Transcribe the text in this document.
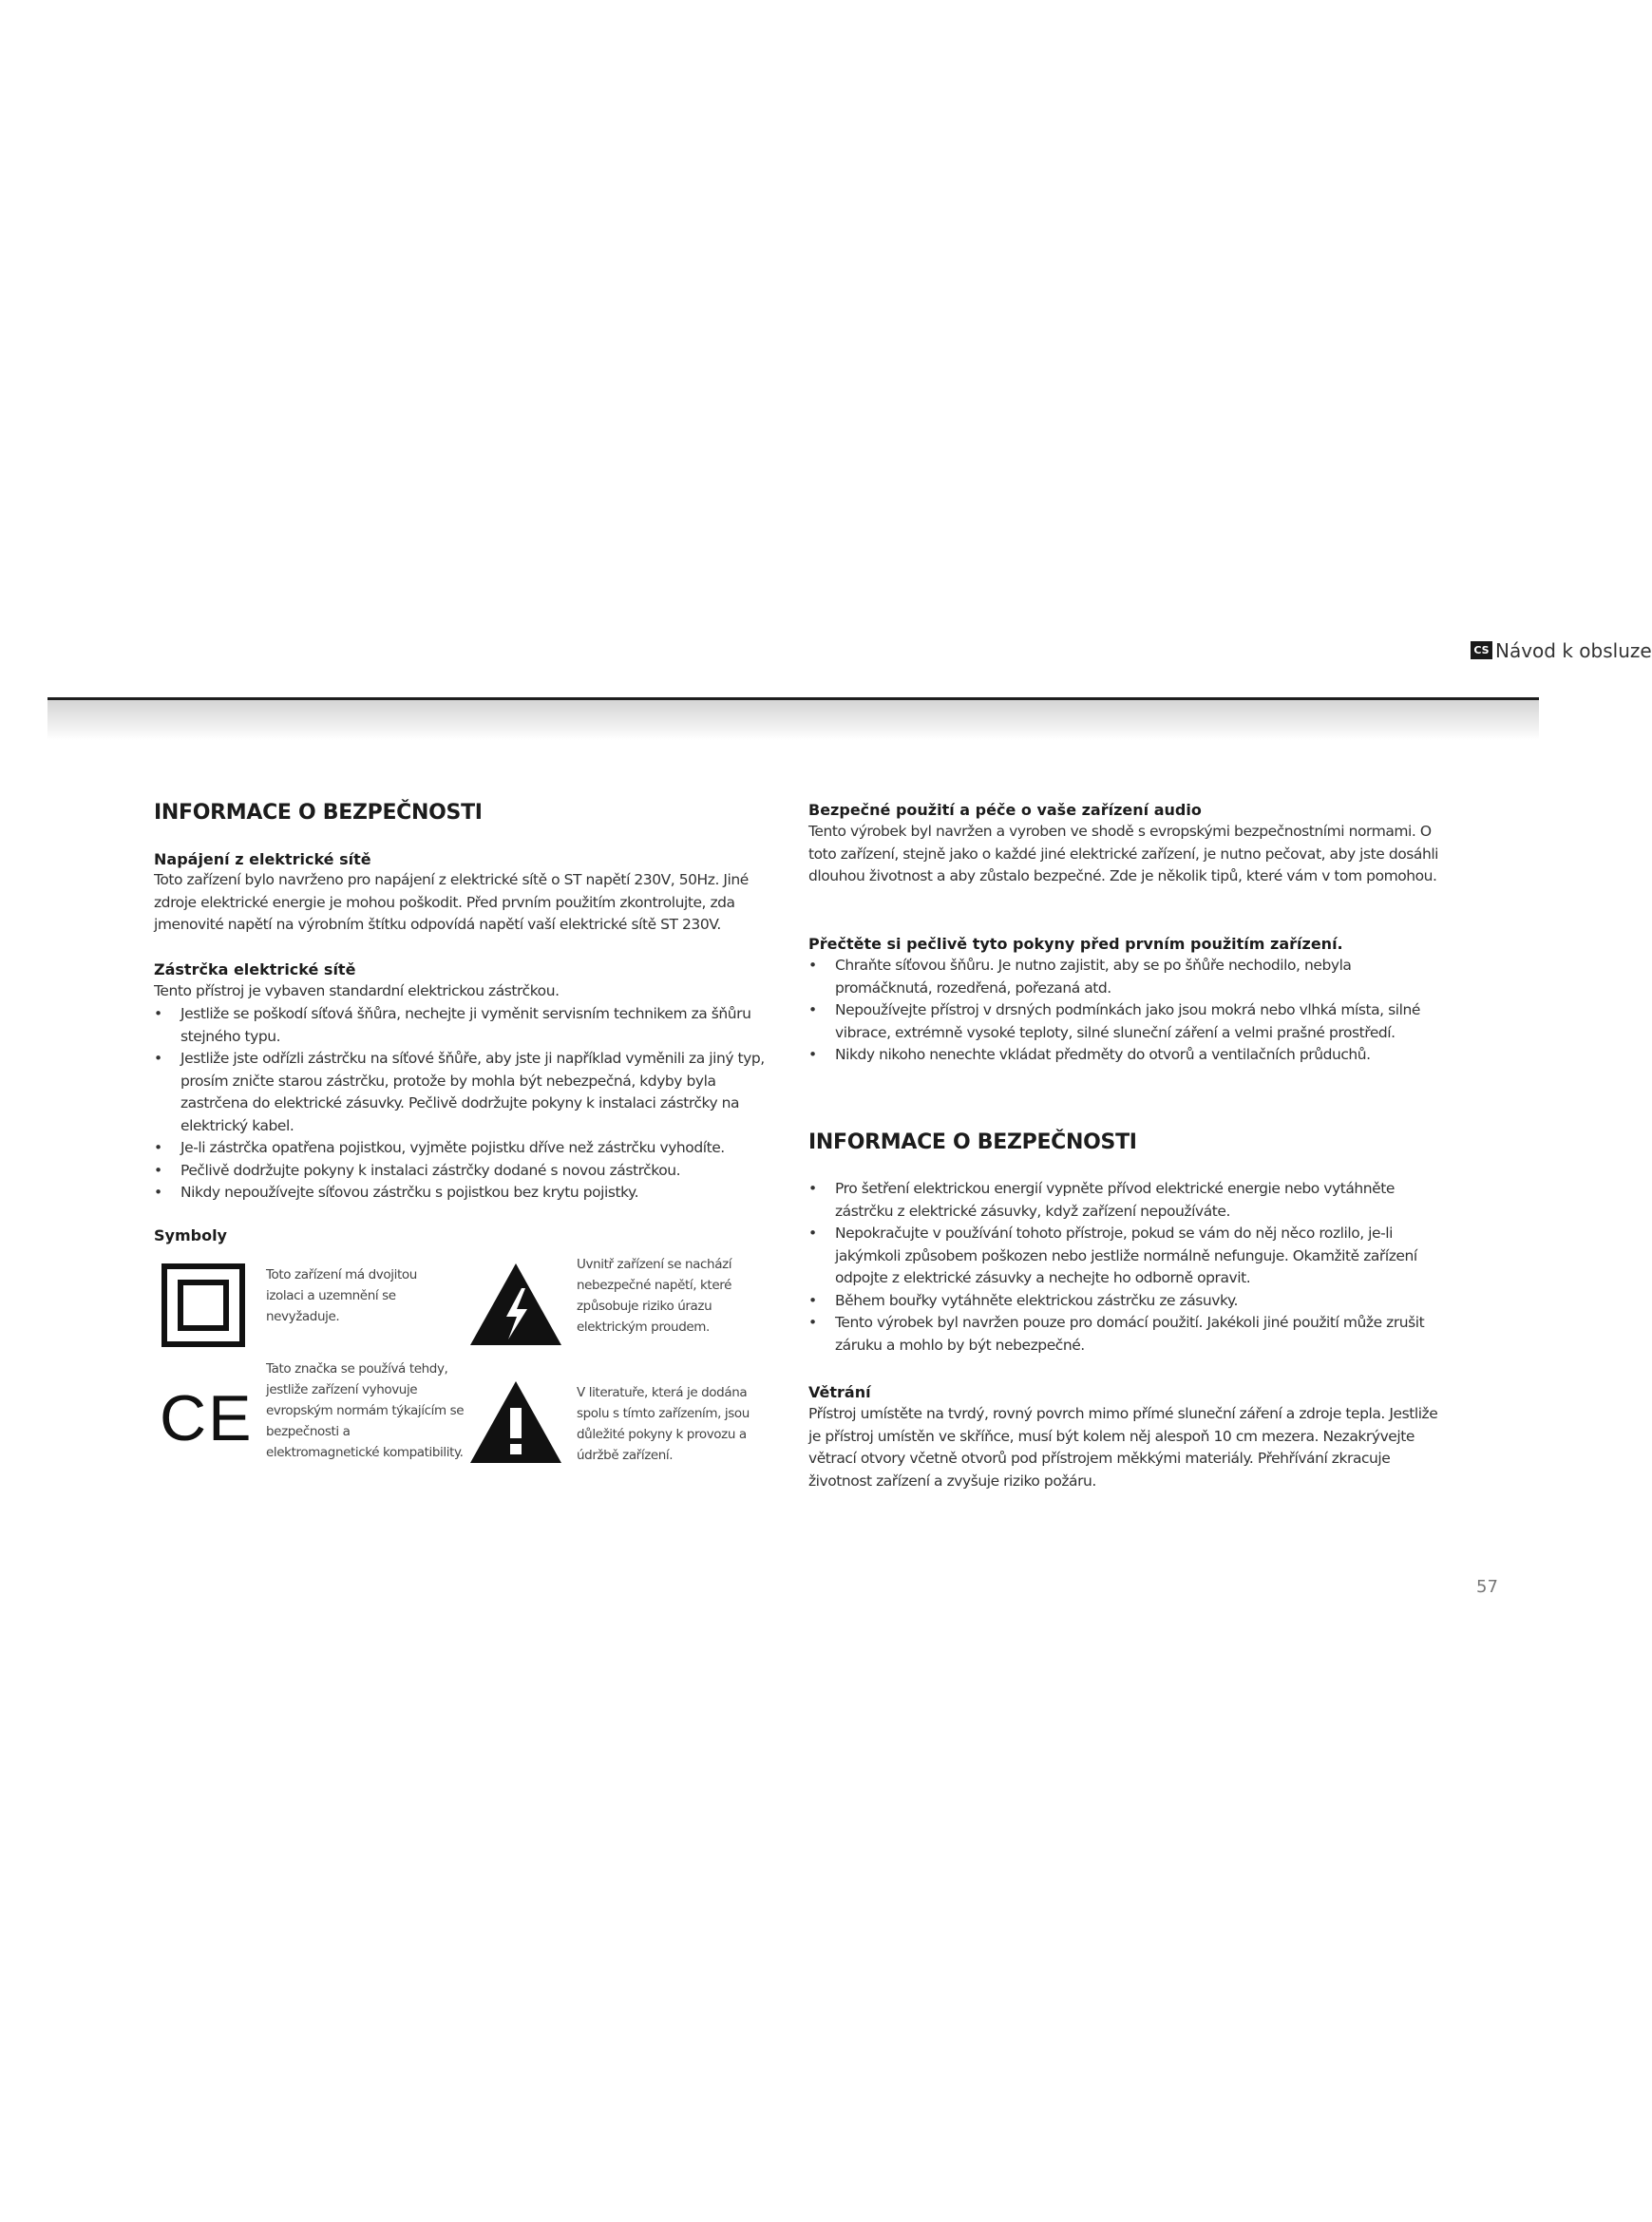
CS Návod k obsluze
INFORMACE O BEZPEČNOSTI
Napájení z elektrické sítě
Toto zařízení bylo navrženo pro napájení z elektrické sítě o ST napětí 230V, 50Hz. Jiné zdroje elektrické energie je mohou poškodit. Před prvním použitím zkontrolujte, zda jmenovité napětí na výrobním štítku odpovídá napětí vaší elektrické sítě ST 230V.
Zástrčka elektrické sítě
Tento přístroj je vybaven standardní elektrickou zástrčkou.
• Jestliže se poškodí síťová šňůra, nechejte ji vyměnit servisním technikem za šňůru stejného typu.
• Jestliže jste odřízli zástrčku na síťové šňůře, aby jste ji například vyměnili za jiný typ, prosím zničte starou zástrčku, protože by mohla být nebezpečná, kdyby byla zastrčena do elektrické zásuvky. Pečlivě dodržujte pokyny k instalaci zástrčky na elektrický kabel.
• Je-li zástrčka opatřena pojistkou, vyjměte pojistku dříve než zástrčku vyhodíte.
• Pečlivě dodržujte pokyny k instalaci zástrčky dodané s novou zástrčkou.
• Nikdy nepoužívejte síťovou zástrčku s pojistkou bez krytu pojistky.
Symboly
Toto zařízení má dvojitou izolaci a uzemnění se nevyžaduje.
Uvnitř zařízení se nachází nebezpečné napětí, které způsobuje riziko úrazu elektrickým proudem.
Tato značka se používá tehdy, jestliže zařízení vyhovuje evropským normám týkajícím se bezpečnosti a elektromagnetické kompatibility.
CE	V literatuře, která je dodána spolu s tímto zařízením, jsou důležité pokyny k provozu a údržbě zařízení.
Bezpečné použití a péče o vaše zařízení audio
Tento výrobek byl navržen a vyroben ve shodě s evropskými bezpečnostními normami. O toto zařízení, stejně jako o každé jiné elektrické zařízení, je nutno pečovat, aby jste dosáhli dlouhou životnost a aby zůstalo bezpečné. Zde je několik tipů, které vám v tom pomohou.
Přečtěte si pečlivě tyto pokyny před prvním použitím zařízení.
• Chraňte síťovou šňůru. Je nutno zajistit, aby se po šňůře nechodilo, nebyla promáčknutá, rozedřená, pořezaná atd.
• Nepoužívejte přístroj v drsných podmínkách jako jsou mokrá nebo vlhká místa, silné vibrace, extrémně vysoké teploty, silné sluneční záření a velmi prašné prostředí.
• Nikdy nikoho nenechte vkládat předměty do otvorů a ventilačních průduchů.
INFORMACE O BEZPEČNOSTI
• Pro šetření elektrickou energií vypněte přívod elektrické energie nebo vytáhněte zástrčku z elektrické zásuvky, když zařízení nepoužíváte.
• Nepokračujte v používání tohoto přístroje, pokud se vám do něj něco rozlilo, je-li jakýmkoli způsobem poškozen nebo jestliže normálně nefunguje. Okamžitě zařízení odpojte z elektrické zásuvky a nechejte ho odborně opravit.
• Během bouřky vytáhněte elektrickou zástrčku ze zásuvky.
• Tento výrobek byl navržen pouze pro domácí použití. Jakékoli jiné použití může zrušit záruku a mohlo by být nebezpečné.
Větrání
Přístroj umístěte na tvrdý, rovný povrch mimo přímé sluneční záření a zdroje tepla. Jestliže je přístroj umístěn ve skříňce, musí být kolem něj alespoň 10 cm mezera. Nezakrývejte větrací otvory včetně otvorů pod přístrojem měkkými materiály. Přehřívání zkracuje životnost zařízení a zvyšuje riziko požáru.
57
